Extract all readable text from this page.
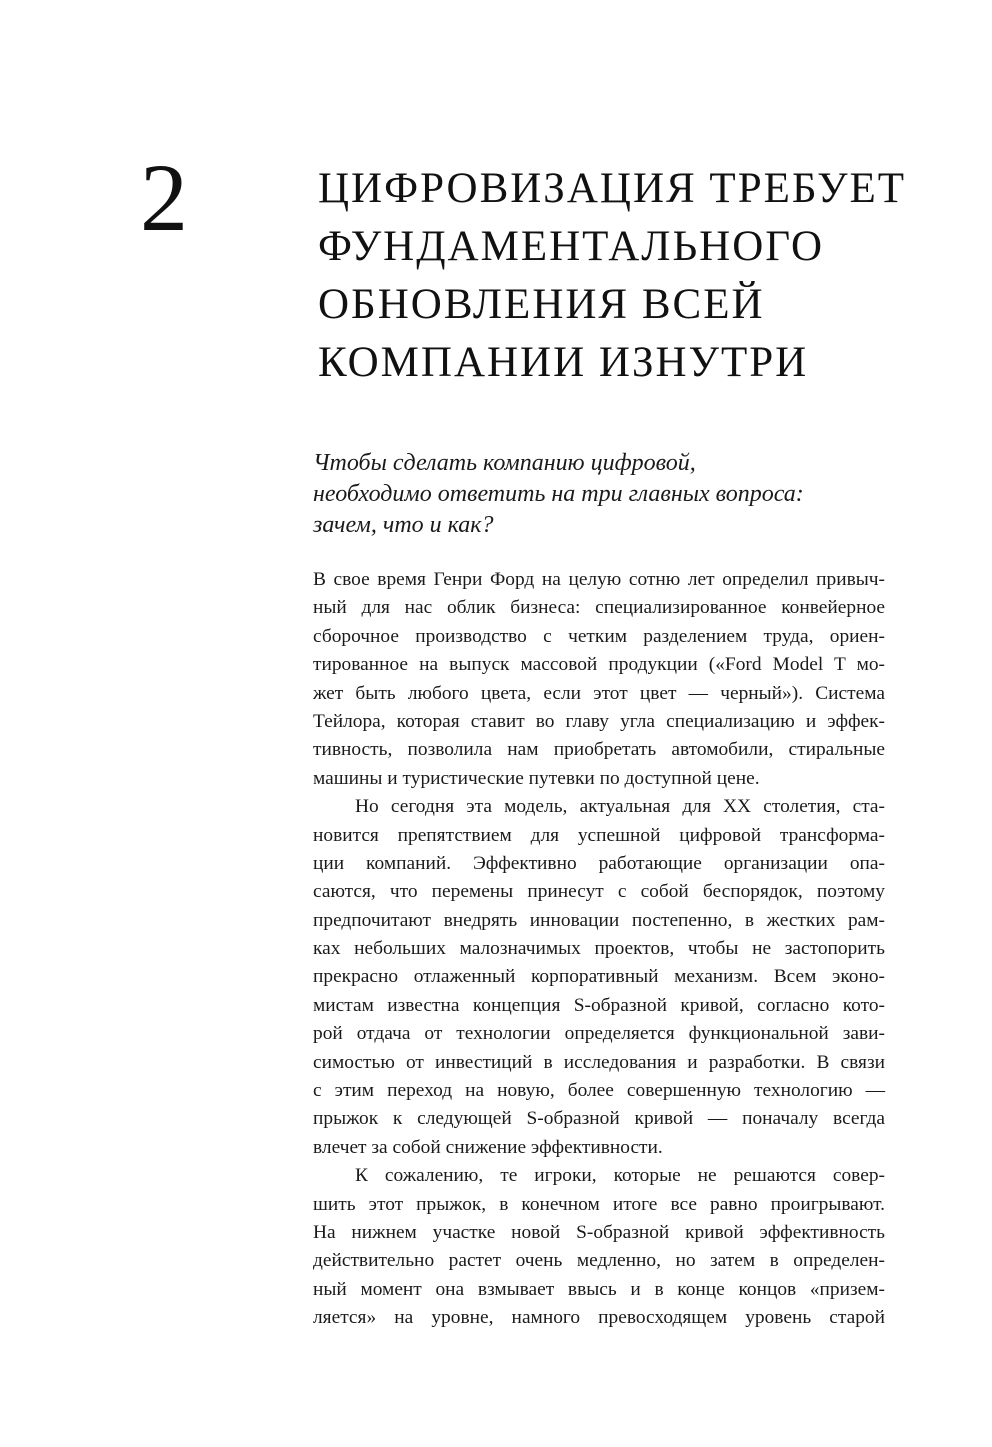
2	ЦИФРОВИЗАЦИЯ ТРЕБУЕТ
ФУНДАМЕНТАЛЬНОГО
ОБНОВЛЕНИЯ ВСЕЙ
КОМПАНИИ ИЗНУТРИ

Чтобы сделать компанию цифровой,
необходимо ответить на три главных вопроса:
зачем, что и как?

В свое время Генри Форд на целую сотню лет определил привыч-
ный для нас облик бизнеса: специализированное конвейерное
сборочное производство с четким разделением труда, ориен-
тированное на выпуск массовой продукции («Ford Model T мо-
жет быть любого цвета, если этот цвет — черный»). Система
Тейлора, которая ставит во главу угла специализацию и эффек-
тивность, позволила нам приобретать автомобили, стиральные
машины и туристические путевки по доступной цене.

Но сегодня эта модель, актуальная для XX столетия, ста-
новится препятствием для успешной цифровой трансформа-
ции компаний. Эффективно работающие организации опа-
саются, что перемены принесут с собой беспорядок, поэтому
предпочитают внедрять инновации постепенно, в жестких рам-
ках небольших малозначимых проектов, чтобы не застопорить
прекрасно отлаженный корпоративный механизм. Всем эконо-
мистам известна концепция S-образной кривой, согласно кото-
рой отдача от технологии определяется функциональной зави-
симостью от инвестиций в исследования и разработки. В связи
с этим переход на новую, более совершенную технологию —
прыжок к следующей S-образной кривой — поначалу всегда
влечет за собой снижение эффективности.

К сожалению, те игроки, которые не решаются совер-
шить этот прыжок, в конечном итоге все равно проигрывают.
На нижнем участке новой S-образной кривой эффективность
действительно растет очень медленно, но затем в определен-
ный момент она взмывает ввысь и в конце концов «призем-
ляется» на уровне, намного превосходящем уровень старой
